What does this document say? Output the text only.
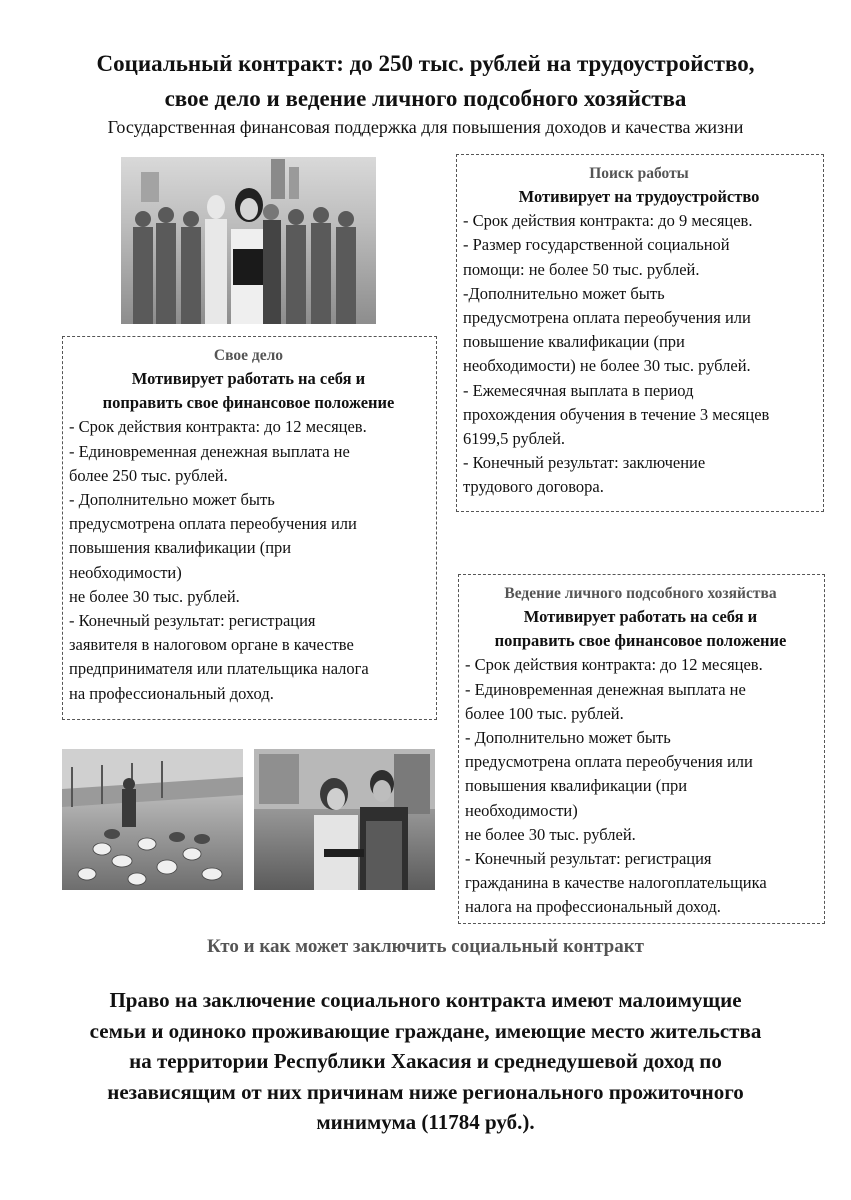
Социальный контракт: до 250 тыс. рублей на трудоустройство,
свое дело и ведение личного подсобного хозяйства

Государственная финансовая поддержка для повышения доходов и качества жизни

Поиск работы
Мотивирует на трудоустройство
- Срок действия контракта: до 9 месяцев.
- Размер государственной социальной
помощи: не более 50 тыс. рублей.
-Дополнительно может быть
предусмотрена оплата переобучения или
повышение квалификации (при
необходимости) не более 30 тыс. рублей.
- Ежемесячная выплата в период
прохождения обучения в течение 3 месяцев
6199,5 рублей.
- Конечный результат: заключение
трудового договора.
Свое дело
Мотивирует работать на себя и
поправить свое финансовое положение
- Срок действия контракта: до 12 месяцев.
- Единовременная денежная выплата не
более 250 тыс. рублей.
- Дополнительно может быть
предусмотрена оплата переобучения или
повышения квалификации (при
необходимости)
не более 30 тыс. рублей.
- Конечный результат: регистрация
заявителя в налоговом органе в качестве
предпринимателя или плательщика налога
на профессиональный доход.
Ведение личного подсобного хозяйства
Мотивирует работать на себя и
поправить свое финансовое положение
- Срок действия контракта: до 12 месяцев.
- Единовременная денежная выплата не
более 100 тыс. рублей.
- Дополнительно может быть
предусмотрена оплата переобучения или
повышения квалификации (при
необходимости)
не более 30 тыс. рублей.
- Конечный результат: регистрация
гражданина в качестве налогоплательщика
налога на профессиональный доход.
Кто и как может заключить социальный контракт

Право на заключение социального контракта имеют малоимущие
семьи и одиноко проживающие граждане, имеющие место жительства
на территории Республики Хакасия и среднедушевой доход по
независящим от них причинам ниже регионального прожиточного
минимума (11784 руб.).
